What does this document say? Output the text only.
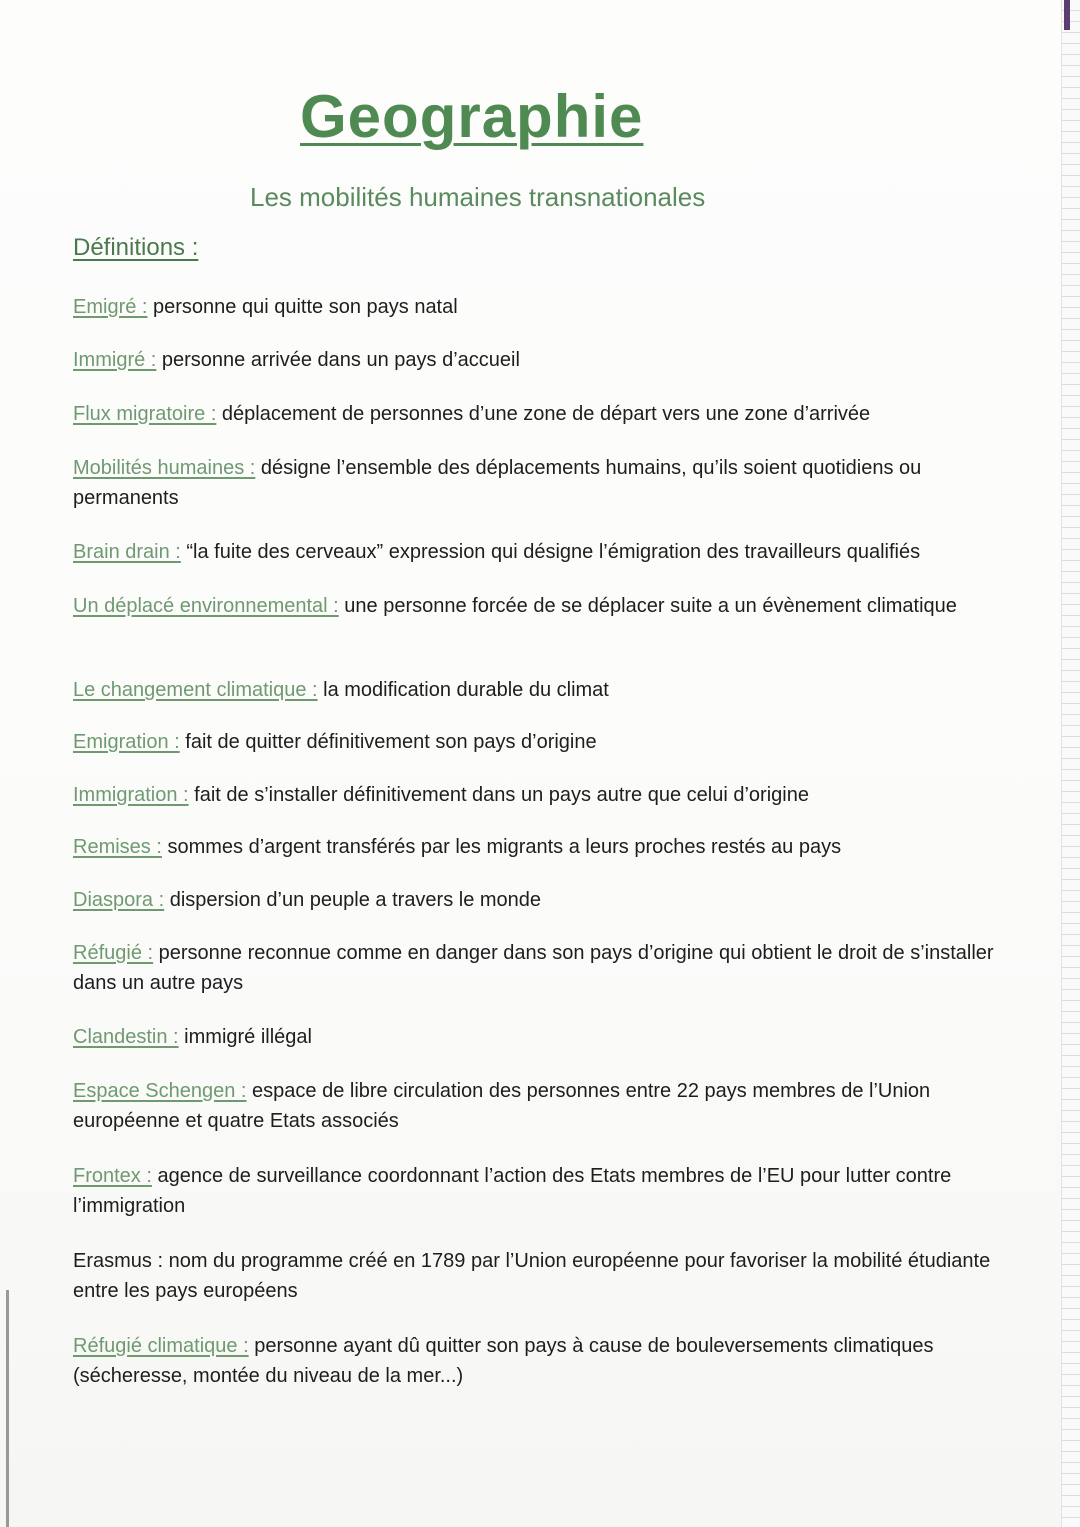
Geographie
Les mobilités humaines transnationales
Définitions :

Emigré : personne qui quitte son pays natal

Immigré : personne arrivée dans un pays d’accueil

Flux migratoire : déplacement de personnes d’une zone de départ vers une zone d’arrivée

Mobilités humaines : désigne l’ensemble des déplacements humains, qu’ils soient quotidiens ou permanents

Brain drain : “la fuite des cerveaux” expression qui désigne l’émigration des travailleurs qualifiés

Un déplacé environnemental : une personne forcée de se déplacer suite a un évènement climatique

Le changement climatique : la modification durable du climat

Emigration : fait de quitter définitivement son pays d’origine

Immigration : fait de s’installer définitivement dans un pays autre que celui d’origine

Remises : sommes d’argent transférés par les migrants a leurs proches restés au pays

Diaspora : dispersion d’un peuple a travers le monde

Réfugié : personne reconnue comme en danger dans son pays d’origine qui obtient le droit de s’installer dans un autre pays

Clandestin : immigré illégal

Espace Schengen : espace de libre circulation des personnes entre 22 pays membres de l’Union européenne et quatre Etats associés

Frontex : agence de surveillance coordonnant l’action des Etats membres de l’EU pour lutter contre l’immigration

Erasmus : nom du programme créé en 1789 par l’Union européenne pour favoriser la mobilité étudiante entre les pays européens

Réfugié climatique : personne ayant dû quitter son pays à cause de bouleversements climatiques (sécheresse, montée du niveau de la mer...)
